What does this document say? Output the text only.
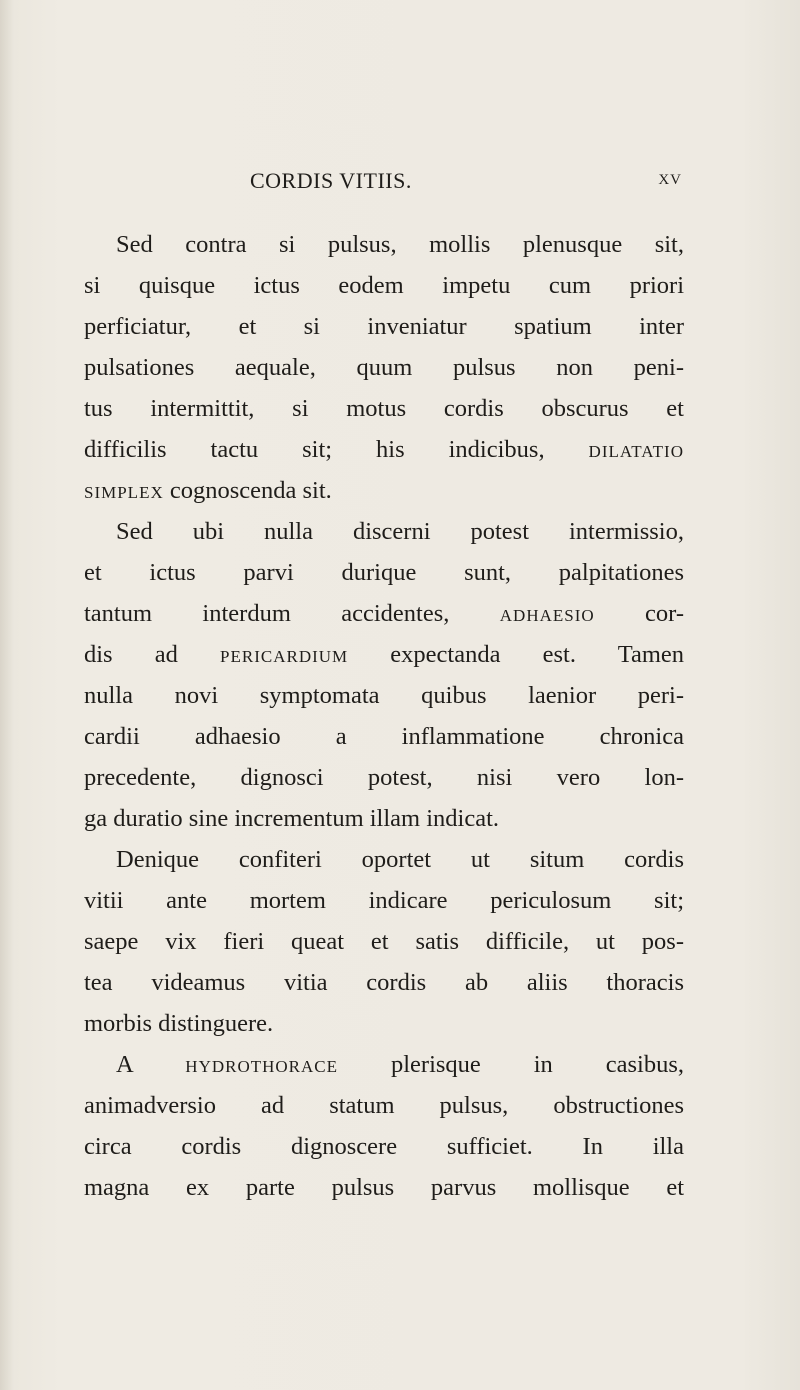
CORDIS VITIIS.	XV
Sed contra si pulsus, mollis plenusque sit,
si quisque ictus eodem impetu cum priori
perficiatur, et si inveniatur spatium inter
pulsationes aequale, quum pulsus non peni-
tus intermittit, si motus cordis obscurus et
difficilis tactu sit; his indicibus, dilatatio
simplex cognoscenda sit.
Sed ubi nulla discerni potest intermissio,
et ictus parvi durique sunt, palpitationes
tantum interdum accidentes, adhaesio cor-
dis ad pericardium expectanda est. Tamen
nulla novi symptomata quibus laenior peri-
cardii adhaesio a inflammatione chronica
precedente, dignosci potest, nisi vero lon-
ga duratio sine incrementum illam indicat.
Denique confiteri oportet ut situm cordis
vitii ante mortem indicare periculosum sit;
saepe vix fieri queat et satis difficile, ut pos-
tea videamus vitia cordis ab aliis thoracis
morbis distinguere.
A hydrothorace plerisque in casibus,
animadversio ad statum pulsus, obstructiones
circa cordis dignoscere sufficiet. In illa
magna ex parte pulsus parvus mollisque et
